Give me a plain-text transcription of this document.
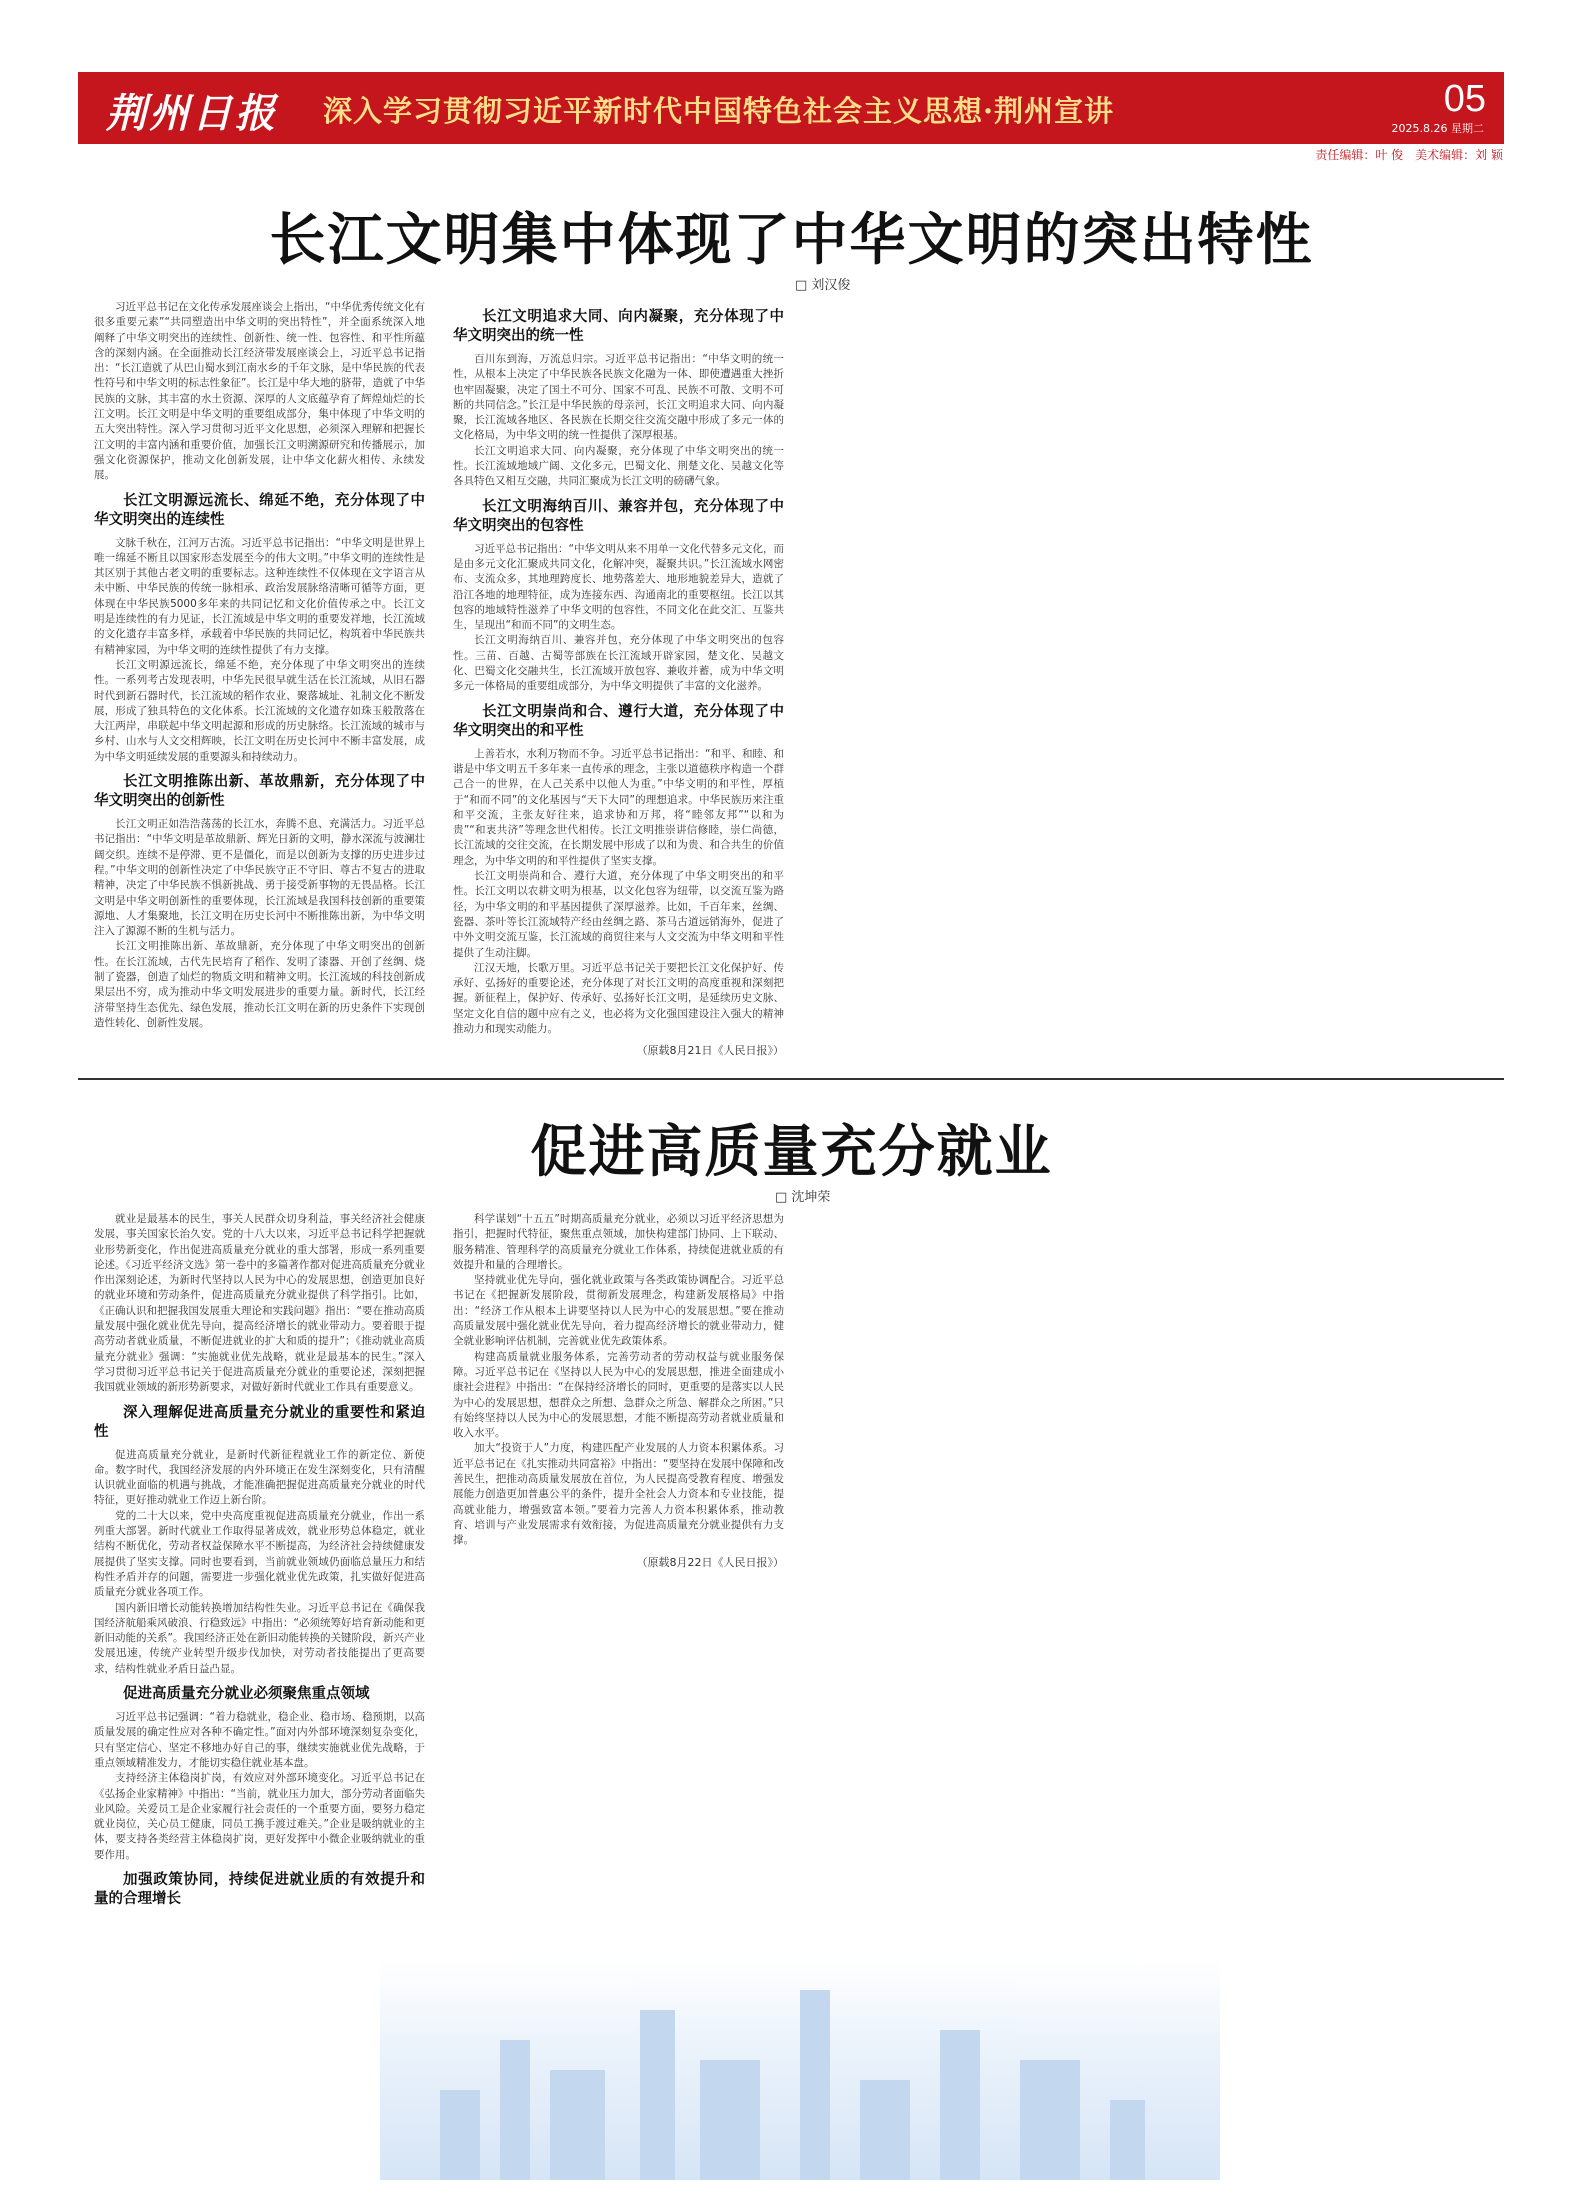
荆州日报 深入学习贯彻习近平新时代中国特色社会主义思想·荆州宣讲	05
2025.8.26 星期二
责任编辑：叶 俊　美术编辑：刘 颖
长江文明集中体现了中华文明的突出特性
□ 刘汉俊

习近平总书记在文化传承发展座谈会上指出，“中华优秀传统文化有很多重要元素”“共同塑造出中华文明的突出特性”，并全面系统深入地阐释了中华文明突出的连续性、创新性、统一性、包容性、和平性所蕴含的深刻内涵。在全面推动长江经济带发展座谈会上，习近平总书记指出：“长江造就了从巴山蜀水到江南水乡的千年文脉，是中华民族的代表性符号和中华文明的标志性象征”。长江是中华大地的脐带，造就了中华民族的文脉，其丰富的水土资源、深厚的人文底蕴孕育了辉煌灿烂的长江文明。长江文明是中华文明的重要组成部分，集中体现了中华文明的五大突出特性。深入学习贯彻习近平文化思想，必须深入理解和把握长江文明的丰富内涵和重要价值，加强长江文明溯源研究和传播展示，加强文化资源保护，推动文化创新发展，让中华文化薪火相传、永续发展。

长江文明源远流长、绵延不绝，充分体现了中华文明突出的连续性

文脉千秋在，江河万古流。习近平总书记指出：“中华文明是世界上唯一绵延不断且以国家形态发展至今的伟大文明。”中华文明的连续性是其区别于其他古老文明的重要标志。这种连续性不仅体现在文字语言从未中断、中华民族的传统一脉相承、政治发展脉络清晰可循等方面，更体现在中华民族5000多年来的共同记忆和文化价值传承之中。长江文明是连续性的有力见证，长江流域是中华文明的重要发祥地，长江流域的文化遗存丰富多样，承载着中华民族的共同记忆，构筑着中华民族共有精神家园，为中华文明的连续性提供了有力支撑。

长江文明源远流长，绵延不绝，充分体现了中华文明突出的连续性。一系列考古发现表明，中华先民很早就生活在长江流域，从旧石器时代到新石器时代，长江流域的稻作农业、聚落城址、礼制文化不断发展，形成了独具特色的文化体系。长江流域的文化遗存如珠玉般散落在大江两岸，串联起中华文明起源和形成的历史脉络。长江流域的城市与乡村、山水与人文交相辉映，长江文明在历史长河中不断丰富发展，成为中华文明延续发展的重要源头和持续动力。

长江文明推陈出新、革故鼎新，充分体现了中华文明突出的创新性

长江文明正如浩浩荡荡的长江水，奔腾不息、充满活力。习近平总书记指出：“中华文明是革故鼎新、辉光日新的文明，静水深流与波澜壮阔交织。连续不是停滞、更不是僵化，而是以创新为支撑的历史进步过程。”中华文明的创新性决定了中华民族守正不守旧、尊古不复古的进取精神，决定了中华民族不惧新挑战、勇于接受新事物的无畏品格。长江文明是中华文明创新性的重要体现，长江流域是我国科技创新的重要策源地、人才集聚地，长江文明在历史长河中不断推陈出新，为中华文明注入了源源不断的生机与活力。

长江文明推陈出新、革故鼎新，充分体现了中华文明突出的创新性。在长江流域，古代先民培育了稻作、发明了漆器、开创了丝绸、烧制了瓷器，创造了灿烂的物质文明和精神文明。长江流域的科技创新成果层出不穷，成为推动中华文明发展进步的重要力量。新时代，长江经济带坚持生态优先、绿色发展，推动长江文明在新的历史条件下实现创造性转化、创新性发展。

长江文明追求大同、向内凝聚，充分体现了中华文明突出的统一性

百川东到海，万流总归宗。习近平总书记指出：“中华文明的统一性，从根本上决定了中华民族各民族文化融为一体、即使遭遇重大挫折也牢固凝聚，决定了国土不可分、国家不可乱、民族不可散、文明不可断的共同信念。”长江是中华民族的母亲河，长江文明追求大同、向内凝聚，长江流域各地区、各民族在长期交往交流交融中形成了多元一体的文化格局，为中华文明的统一性提供了深厚根基。

长江文明追求大同、向内凝聚，充分体现了中华文明突出的统一性。长江流域地域广阔、文化多元，巴蜀文化、荆楚文化、吴越文化等各具特色又相互交融，共同汇聚成为长江文明的磅礴气象。

长江文明海纳百川、兼容并包，充分体现了中华文明突出的包容性

习近平总书记指出：“中华文明从来不用单一文化代替多元文化，而是由多元文化汇聚成共同文化，化解冲突，凝聚共识。”长江流域水网密布、支流众多，其地理跨度长、地势落差大、地形地貌差异大，造就了沿江各地的地理特征，成为连接东西、沟通南北的重要枢纽。长江以其包容的地域特性滋养了中华文明的包容性，不同文化在此交汇、互鉴共生，呈现出“和而不同”的文明生态。

长江文明海纳百川、兼容并包，充分体现了中华文明突出的包容性。三苗、百越、古蜀等部族在长江流域开辟家园，楚文化、吴越文化、巴蜀文化交融共生，长江流域开放包容、兼收并蓄，成为中华文明多元一体格局的重要组成部分，为中华文明提供了丰富的文化滋养。

长江文明崇尚和合、遵行大道，充分体现了中华文明突出的和平性

上善若水，水利万物而不争。习近平总书记指出：“和平、和睦、和谐是中华文明五千多年来一直传承的理念，主张以道德秩序构造一个群己合一的世界，在人己关系中以他人为重。”中华文明的和平性，厚植于“和而不同”的文化基因与“天下大同”的理想追求。中华民族历来注重和平交流，主张友好往来，追求协和万邦，将“睦邻友邦”“以和为贵”“和衷共济”等理念世代相传。长江文明推崇讲信修睦，崇仁尚德，长江流域的交往交流，在长期发展中形成了以和为贵、和合共生的价值理念，为中华文明的和平性提供了坚实支撑。

长江文明崇尚和合、遵行大道，充分体现了中华文明突出的和平性。长江文明以农耕文明为根基，以文化包容为纽带，以交流互鉴为路径，为中华文明的和平基因提供了深厚滋养。比如，千百年来，丝绸、瓷器、茶叶等长江流域特产经由丝绸之路、茶马古道远销海外，促进了中外文明交流互鉴，长江流域的商贸往来与人文交流为中华文明和平性提供了生动注脚。

江汉天地，长歌万里。习近平总书记关于要把长江文化保护好、传承好、弘扬好的重要论述，充分体现了对长江文明的高度重视和深刻把握。新征程上，保护好、传承好、弘扬好长江文明，是延续历史文脉、坚定文化自信的题中应有之义，也必将为文化强国建设注入强大的精神推动力和现实动能力。

（原载8月21日《人民日报》）
促进高质量充分就业
□ 沈坤荣

就业是最基本的民生，事关人民群众切身利益，事关经济社会健康发展，事关国家长治久安。党的十八大以来，习近平总书记科学把握就业形势新变化，作出促进高质量充分就业的重大部署，形成一系列重要论述。《习近平经济文选》第一卷中的多篇著作都对促进高质量充分就业作出深刻论述，为新时代坚持以人民为中心的发展思想，创造更加良好的就业环境和劳动条件，促进高质量充分就业提供了科学指引。比如，《正确认识和把握我国发展重大理论和实践问题》指出：“要在推动高质量发展中强化就业优先导向，提高经济增长的就业带动力。要着眼于提高劳动者就业质量，不断促进就业的扩大和质的提升”；《推动就业高质量充分就业》强调：“实施就业优先战略，就业是最基本的民生。”深入学习贯彻习近平总书记关于促进高质量充分就业的重要论述，深刻把握我国就业领域的新形势新要求，对做好新时代就业工作具有重要意义。

深入理解促进高质量充分就业的重要性和紧迫性

促进高质量充分就业，是新时代新征程就业工作的新定位、新使命。数字时代，我国经济发展的内外环境正在发生深刻变化，只有清醒认识就业面临的机遇与挑战，才能准确把握促进高质量充分就业的时代特征，更好推动就业工作迈上新台阶。

党的二十大以来，党中央高度重视促进高质量充分就业，作出一系列重大部署。新时代就业工作取得显著成效，就业形势总体稳定，就业结构不断优化，劳动者权益保障水平不断提高，为经济社会持续健康发展提供了坚实支撑。同时也要看到，当前就业领域仍面临总量压力和结构性矛盾并存的问题，需要进一步强化就业优先政策，扎实做好促进高质量充分就业各项工作。

国内新旧增长动能转换增加结构性失业。习近平总书记在《确保我国经济航船乘风破浪、行稳致远》中指出：“必须统筹好培育新动能和更新旧动能的关系”。我国经济正处在新旧动能转换的关键阶段，新兴产业发展迅速，传统产业转型升级步伐加快，对劳动者技能提出了更高要求，结构性就业矛盾日益凸显。

促进高质量充分就业必须聚焦重点领域

习近平总书记强调：“着力稳就业，稳企业、稳市场、稳预期，以高质量发展的确定性应对各种不确定性。”面对内外部环境深刻复杂变化，只有坚定信心、坚定不移地办好自己的事，继续实施就业优先战略，于重点领域精准发力，才能切实稳住就业基本盘。

支持经济主体稳岗扩岗，有效应对外部环境变化。习近平总书记在《弘扬企业家精神》中指出：“当前，就业压力加大，部分劳动者面临失业风险。关爱员工是企业家履行社会责任的一个重要方面，要努力稳定就业岗位，关心员工健康，同员工携手渡过难关。”企业是吸纳就业的主体，要支持各类经营主体稳岗扩岗，更好发挥中小微企业吸纳就业的重要作用。

加强政策协同，持续促进就业质的有效提升和量的合理增长

科学谋划“十五五”时期高质量充分就业，必须以习近平经济思想为指引，把握时代特征，聚焦重点领域，加快构建部门协同、上下联动、服务精准、管理科学的高质量充分就业工作体系，持续促进就业质的有效提升和量的合理增长。

坚持就业优先导向，强化就业政策与各类政策协调配合。习近平总书记在《把握新发展阶段，贯彻新发展理念，构建新发展格局》中指出：“经济工作从根本上讲要坚持以人民为中心的发展思想。”要在推动高质量发展中强化就业优先导向，着力提高经济增长的就业带动力，健全就业影响评估机制，完善就业优先政策体系。

构建高质量就业服务体系，完善劳动者的劳动权益与就业服务保障。习近平总书记在《坚持以人民为中心的发展思想，推进全面建成小康社会进程》中指出：“在保持经济增长的同时，更重要的是落实以人民为中心的发展思想，想群众之所想、急群众之所急、解群众之所困。”只有始终坚持以人民为中心的发展思想，才能不断提高劳动者就业质量和收入水平。

加大“投资于人”力度，构建匹配产业发展的人力资本积累体系。习近平总书记在《扎实推动共同富裕》中指出：“要坚持在发展中保障和改善民生，把推动高质量发展放在首位，为人民提高受教育程度、增强发展能力创造更加普惠公平的条件，提升全社会人力资本和专业技能，提高就业能力，增强致富本领。”要着力完善人力资本积累体系，推动教育、培训与产业发展需求有效衔接，为促进高质量充分就业提供有力支撑。

（原载8月22日《人民日报》）
